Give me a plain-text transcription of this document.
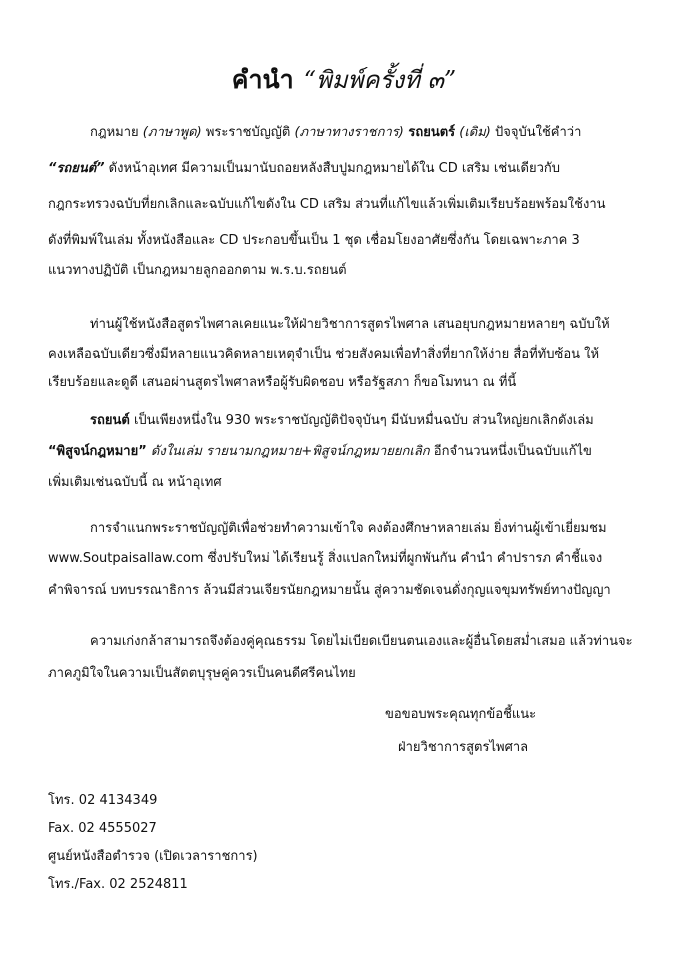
คำนำ “พิมพ์ครั้งที่ ๓”
กฎหมาย (ภาษาพูด) พระราชบัญญัติ (ภาษาทางราชการ) รถยนตร์ (เดิม) ปัจจุบันใช้คำว่า
“รถยนต์” ดังหน้าอุเทศ มีความเป็นมานับถอยหลังสืบปูมกฎหมายได้ใน CD เสริม เช่นเดียวกับ
กฎกระทรวงฉบับที่ยกเลิกและฉบับแก้ไขดังใน CD เสริม ส่วนที่แก้ไขแล้วเพิ่มเติมเรียบร้อยพร้อมใช้งาน
ดังที่พิมพ์ในเล่ม ทั้งหนังสือและ CD ประกอบขึ้นเป็น 1 ชุด เชื่อมโยงอาศัยซึ่งกัน โดยเฉพาะภาค 3
แนวทางปฏิบัติ เป็นกฎหมายลูกออกตาม พ.ร.บ.รถยนต์
ท่านผู้ใช้หนังสือสูตรไพศาลเคยแนะให้ฝ่ายวิชาการสูตรไพศาล เสนอยุบกฎหมายหลายๆ ฉบับให้
คงเหลือฉบับเดียวซึ่งมีหลายแนวคิดหลายเหตุจำเป็น ช่วยสังคมเพื่อทำสิ่งที่ยากให้ง่าย สื่อที่ทับซ้อน ให้
เรียบร้อยและดูดี เสนอผ่านสูตรไพศาลหรือผู้รับผิดชอบ หรือรัฐสภา ก็ขอโมทนา ณ ที่นี้
รถยนต์ เป็นเพียงหนึ่งใน 930 พระราชบัญญัติปัจจุบันๆ มีนับหมื่นฉบับ ส่วนใหญ่ยกเลิกดังเล่ม
“พิสูจน์กฎหมาย” ดังในเล่ม รายนามกฎหมาย+พิสูจน์กฎหมายยกเลิก อีกจำนวนหนึ่งเป็นฉบับแก้ไข
เพิ่มเติมเช่นฉบับนี้ ณ หน้าอุเทศ
การจำแนกพระราชบัญญัติเพื่อช่วยทำความเข้าใจ คงต้องศึกษาหลายเล่ม ยิ่งท่านผู้เข้าเยี่ยมชม
www.Soutpaisallaw.com ซึ่งปรับใหม่ ได้เรียนรู้ สิ่งแปลกใหม่ที่ผูกพันกัน คำนำ คำปรารภ คำชี้แจง
คำพิจารณ์ บทบรรณาธิการ ล้วนมีส่วนเจียรนัยกฎหมายนั้น สู่ความชัดเจนดั่งกุญแจขุมทรัพย์ทางปัญญา
ความเก่งกล้าสามารถจึงต้องคู่คุณธรรม โดยไม่เบียดเบียนตนเองและผู้อื่นโดยสม่ำเสมอ แล้วท่านจะ
ภาคภูมิใจในความเป็นสัตตบุรุษคู่ควรเป็นคนดีศรีคนไทย
ขอขอบพระคุณทุกข้อชี้แนะ
ฝ่ายวิชาการสูตรไพศาล
โทร. 02 4134349
Fax. 02 4555027
ศูนย์หนังสือตำรวจ (เปิดเวลาราชการ)
โทร./Fax. 02 2524811
